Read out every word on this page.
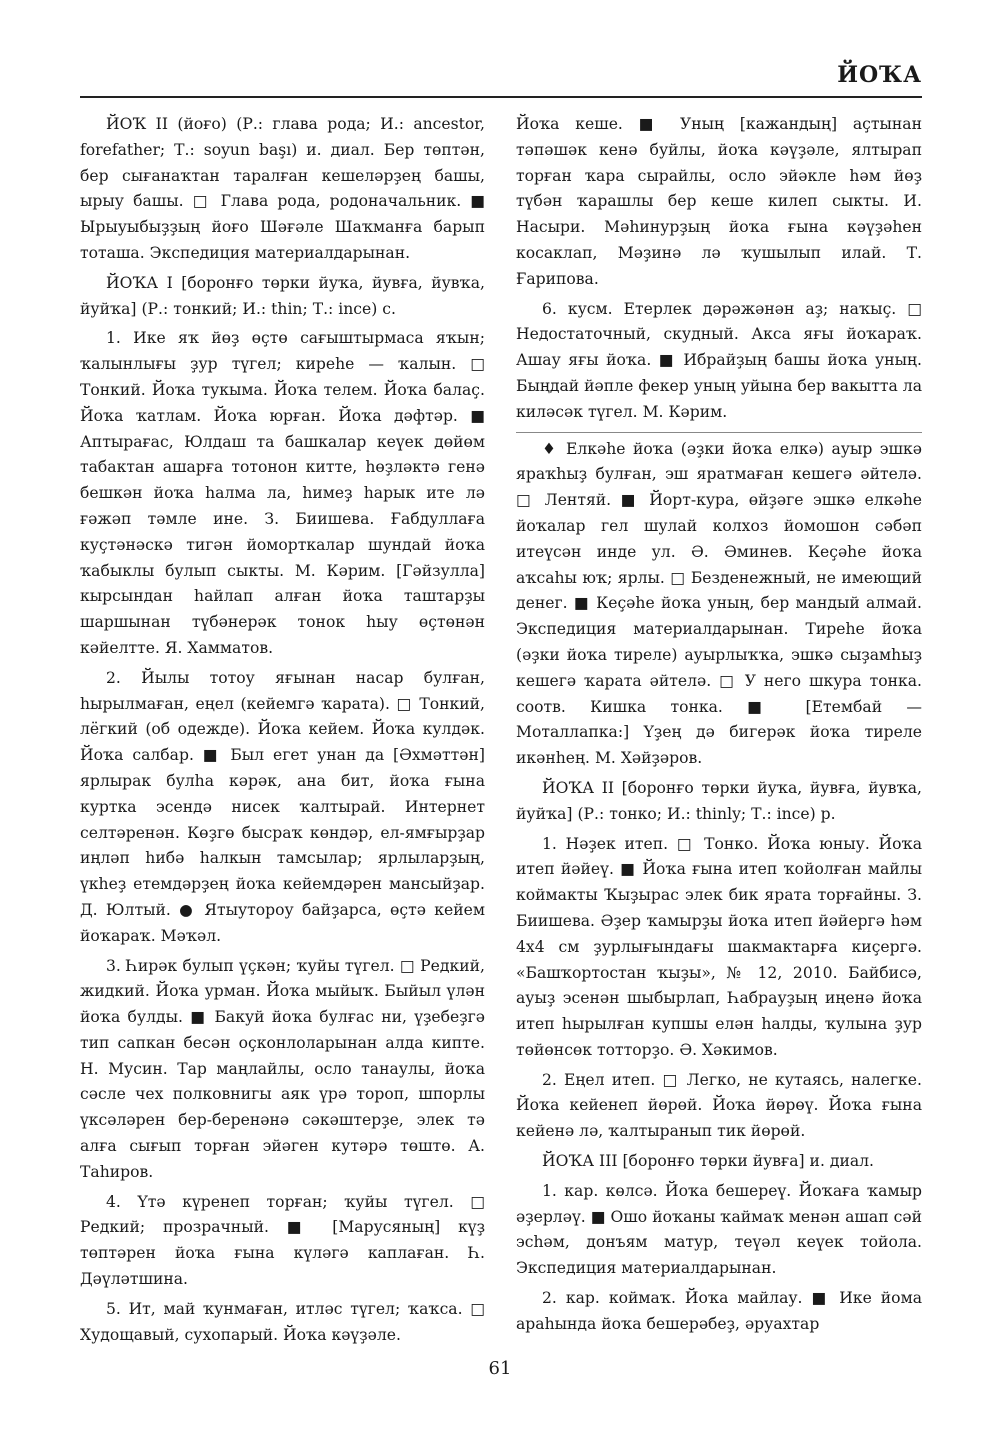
ЙОҠА

ЙОҠ II (йоғо) (Р.: глава рода; И.: ancestor, forefather; Т.: soyun başı) и. диал. Бер төптән, бер сығанаҡтан таралған кешеләрҙең башы, ырыу башы. □ Глава рода, родоначальник. ■ Ырыуыбыҙҙың йоғо Шәғәле Шаҡманға барып тоташа. Экспедиция материалдарынан.

ЙОҠА I [боронғо төрки йуҡа, йувға, йувҡа, йуйҡа] (Р.: тонкий; И.: thin; Т.: ince) с.

1. Ике яҡ йөҙ өҫтө сағыштырмаса яҡын; ҡалынлығы ҙур түгел; киреһе — ҡалын. □ Тонкий. Йоҡа тукыма. Йоҡа телем. Йоҡа балаҫ. Йоҡа ҡатлам. Йоҡа юрған. Йоҡа дәфтәр. ■ Аптырағас, Юлдаш та башкалар кеүек дөйөм табактан ашарға тотонон китте, һөҙләктә генә бешкән йоҡа һалма ла, һимеҙ һарык ите лә ғәжәп тәмле ине. З. Биишева. Ғабдуллаға куҫтәнәскә тигән йоморткалар шундай йоҡа ҡабыклы булып сыкты. М. Кәрим. [Гәйзулла] кырсындан һайлап алған йоҡа таштарҙы шаршынан түбәнерәк тонок һыу өҫтөнән кәйелтте. Я. Хамматов.

2. Йылы тотоу яғынан насар булған, һырылмаған, еңел (кейемгә ҡарата). □ Тонкий, лёгкий (об одежде). Йоҡа кейем. Йоҡа кулдәк. Йоҡа салбар. ■ Был егет унан да [Әхмәттән] ярлырак булһа кәрәк, ана бит, йоҡа ғына куртка эсендә нисек ҡалтырай. Интернет селтәренән. Көҙгө бысраҡ көндәр, ел-ямғырҙар иңләп һибә һалкын тамсылар; ярлыларҙың, үкһеҙ етемдәрҙең йоҡа кейемдәрен мансыйҙар. Д. Юлтый. ● Ятыутороу байҙарса, өҫтә кейем йоҡараҡ. Мәҡәл.

3. Һирәк булып үҫкән; ҡуйы түгел. □ Редкий, жидкий. Йоҡа урман. Йоҡа мыйыҡ. Быйыл үлән йоҡа булды. ■ Бакуй йоҡа булғас ни, үҙебеҙгә тип сапкан бесән оҫконлоларынан алда кипте. Н. Мусин. Тар маңлайлы, осло танаулы, йоҡа сәсле чех полковнигы аяк үрә тороп, шпорлы үксәләрен бер-беренәнә сәкәштерҙе, элек тә алға сығып торған эйәген кутәрә төштө. А. Таһиров.

4. Үтә күренеп торған; ҡуйы түгел. □ Редкий; прозрачный. ■ [Марусяның] күҙ төптәрен йоҡа ғына күләгә каплаған. Һ. Дәүләтшина.

5. Ит, май ҡунмаған, итләс түгел; ҡаҡса. □ Худощавый, сухопарый. Йоҡа кәүҙәле.

Йоҡа кеше. ■ Уның [кажандың] аҫтынан тәпәшәк кенә буйлы, йоҡа кәүҙәле, ялтырап торған ҡара сырайлы, осло эйәкле һәм йөҙ түбән ҡарашлы бер кеше килеп сыкты. И. Насыри. Мәһинурҙың йоҡа ғына кәүҙәһен косаклап, Мәҙинә лә ҡушылып илай. Т. Ғарипова.

6. кусм. Етерлек дәрәжәнән аҙ; наҡыҫ. □ Недостаточный, скудный. Акса яғы йоҡараҡ. Ашау яғы йоҡа. ■ Ибрайҙың башы йоҡа уның. Быңдай йәпле фекер уның уйына бер вакытта ла киләсәк түгел. М. Кәрим.

♦ Елкәһе йоҡа (әҙки йоҡа елкә) ауыр эшкә яраҡһыҙ булған, эш яратмаған кешегә әйтелә. □ Лентяй. ■ Йорт-кура, өйҙәге эшкә елкәһе йоҡалар гел шулай колхоз йомошон сәбәп итеүсән инде ул. Ә. Әминев. Кеҫәһе йоҡа аҡсаһы юҡ; ярлы. □ Безденежный, не имеющий денег. ■ Кеҫәһе йоҡа уның, бер мандый алмай. Экспедиция материалдарынан. Тиреһе йоҡа (әҙки йоҡа тиреле) ауырлыҡҡа, эшкә сыҙамһыҙ кешегә ҡарата әйтелә. □ У него шкура тонка. соотв. Кишка тонка. ■ [Етембай — Моталлапка:] Үҙең дә бигерәк йоҡа тиреле икәнһең. М. Хәйҙәров.

ЙОҠА II [боронғо төрки йуҡа, йувға, йувҡа, йуйҡа] (Р.: тонко; И.: thinly; Т.: ince) р.

1. Нәҙек итеп. □ Тонко. Йоҡа юныу. Йоҡа итеп йәйеү. ■ Йоҡа ғына итеп ҡойолған майлы коймакты Ҡыҙырас элек бик ярата торғайны. З. Биишева. Әҙер ҡамырҙы йоҡа итеп йәйергә һәм 4х4 см ҙурлығындағы шакмактарға киҫергә. «Башҡортостан ҡыҙы», № 12, 2010. Байбисә, ауыҙ эсенән шыбырлап, Һабрауҙың иңенә йоҡа итеп һырылған купшы елән һалды, ҡулына ҙур төйөнсөк тотторҙо. Ә. Хәкимов.

2. Еңел итеп. □ Легко, не кутаясь, налегке. Йоҡа кейенеп йөрөй. Йоҡа йөрөү. Йоҡа ғына кейенә лә, ҡалтыранып тик йөрөй.

ЙОҠА III [боронғо төрки йувға] и. диал.

1. кар. көлсә. Йоҡа бешереү. Йоҡаға ҡамыр әҙерләү. ■ Ошо йоҡаны ҡаймаҡ менән ашап сәй эсһәм, донъям матур, теүәл кеүек тойола. Экспедиция материалдарынан.

2. кар. коймаҡ. Йоҡа майлау. ■ Ике йома араһында йоҡа бешерәбеҙ, әруахтар

61
